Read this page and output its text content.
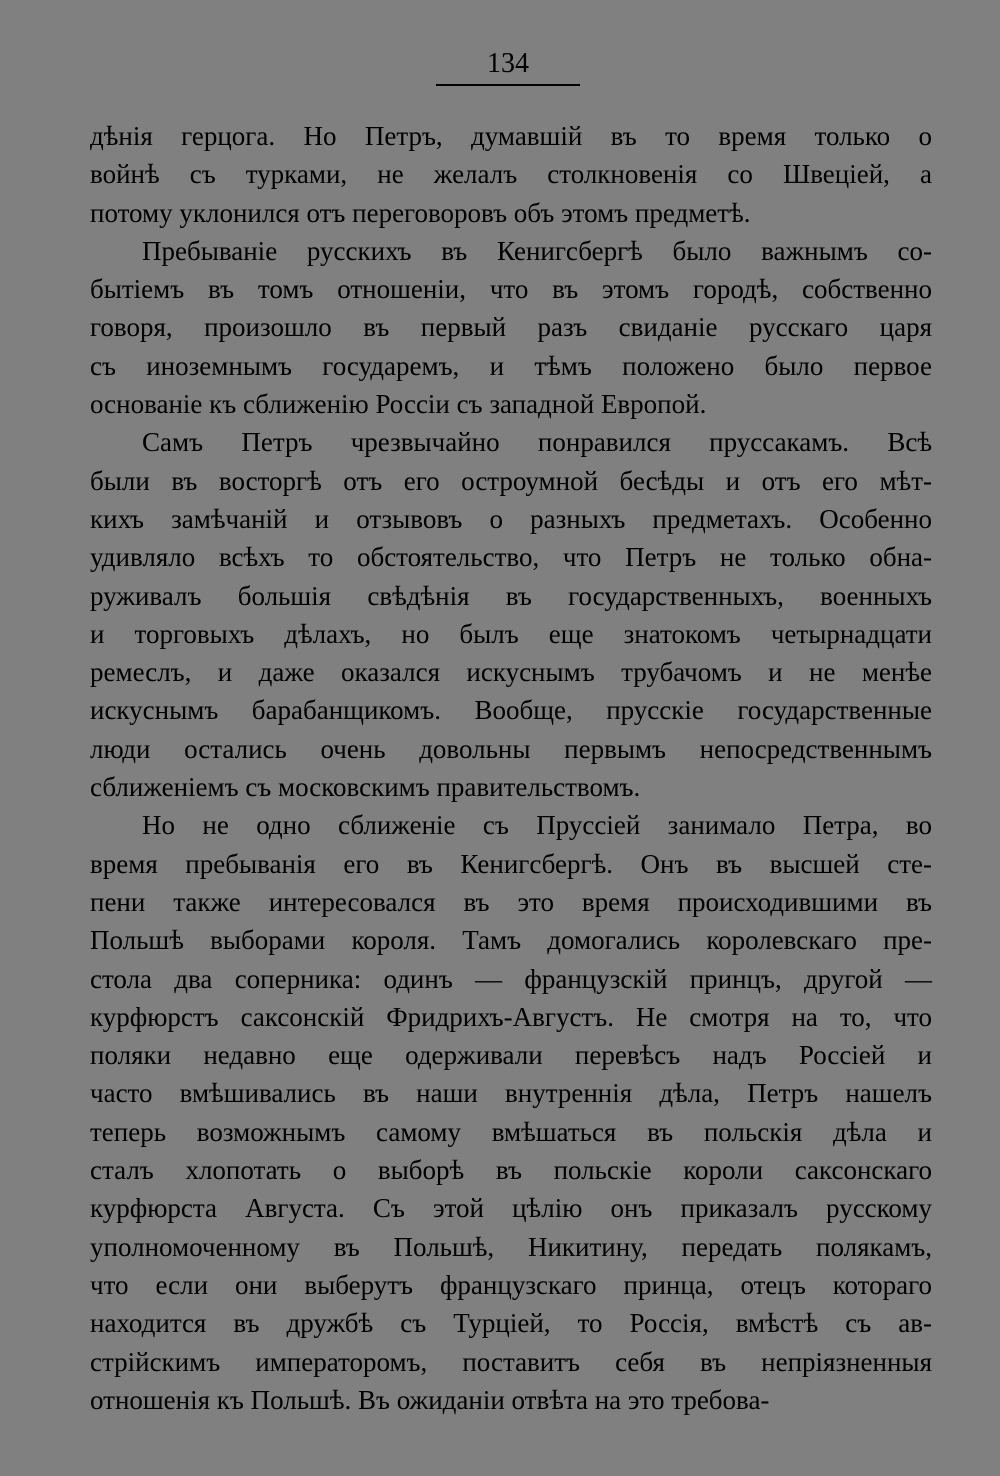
134
дѣнія герцога. Но Петръ, думавшій въ то время только о
войнѣ съ турками, не желалъ столкновенія со Швеціей, а
потому уклонился отъ переговоровъ объ этомъ предметѣ.
Пребываніе русскихъ въ Кенигсбергѣ было важнымъ со-
бытіемъ въ томъ отношеніи, что въ этомъ городѣ, собственно
говоря, произошло въ первый разъ свиданіе русскаго царя
съ иноземнымъ государемъ, и тѣмъ положено было первое
основаніе къ сближенію Россіи съ западной Европой.
Самъ Петръ чрезвычайно понравился пруссакамъ. Всѣ
были въ восторгѣ отъ его остроумной бесѣды и отъ его мѣт-
кихъ замѣчаній и отзывовъ о разныхъ предметахъ. Особенно
удивляло всѣхъ то обстоятельство, что Петръ не только обна-
руживалъ большія свѣдѣнія въ государственныхъ, военныхъ
и торговыхъ дѣлахъ, но былъ еще знатокомъ четырнадцати
ремеслъ, и даже оказался искуснымъ трубачомъ и не менѣе
искуснымъ барабанщикомъ. Вообще, прусскіе государственные
люди остались очень довольны первымъ непосредственнымъ
сближеніемъ съ московскимъ правительствомъ.
Но не одно сближеніе съ Пруссіей занимало Петра, во
время пребыванія его въ Кенигсбергѣ. Онъ въ высшей сте-
пени также интересовался въ это время происходившими въ
Польшѣ выборами короля. Тамъ домогались королевскаго пре-
стола два соперника: одинъ — французскій принцъ, другой —
курфюрстъ саксонскій Фридрихъ-Августъ. Не смотря на то, что
поляки недавно еще одерживали перевѣсъ надъ Россіей и
часто вмѣшивались въ наши внутреннія дѣла, Петръ нашелъ
теперь возможнымъ самому вмѣшаться въ польскія дѣла и
сталъ хлопотать о выборѣ въ польскіе короли саксонскаго
курфюрста Августа. Съ этой цѣлію онъ приказалъ русскому
уполномоченному въ Польшѣ, Никитину, передать полякамъ,
что если они выберутъ французскаго принца, отецъ котораго
находится въ дружбѣ съ Турціей, то Россія, вмѣстѣ съ ав-
стрійскимъ императоромъ, поставитъ себя въ непріязненныя
отношенія къ Польшѣ. Въ ожиданіи отвѣта на это требова-
